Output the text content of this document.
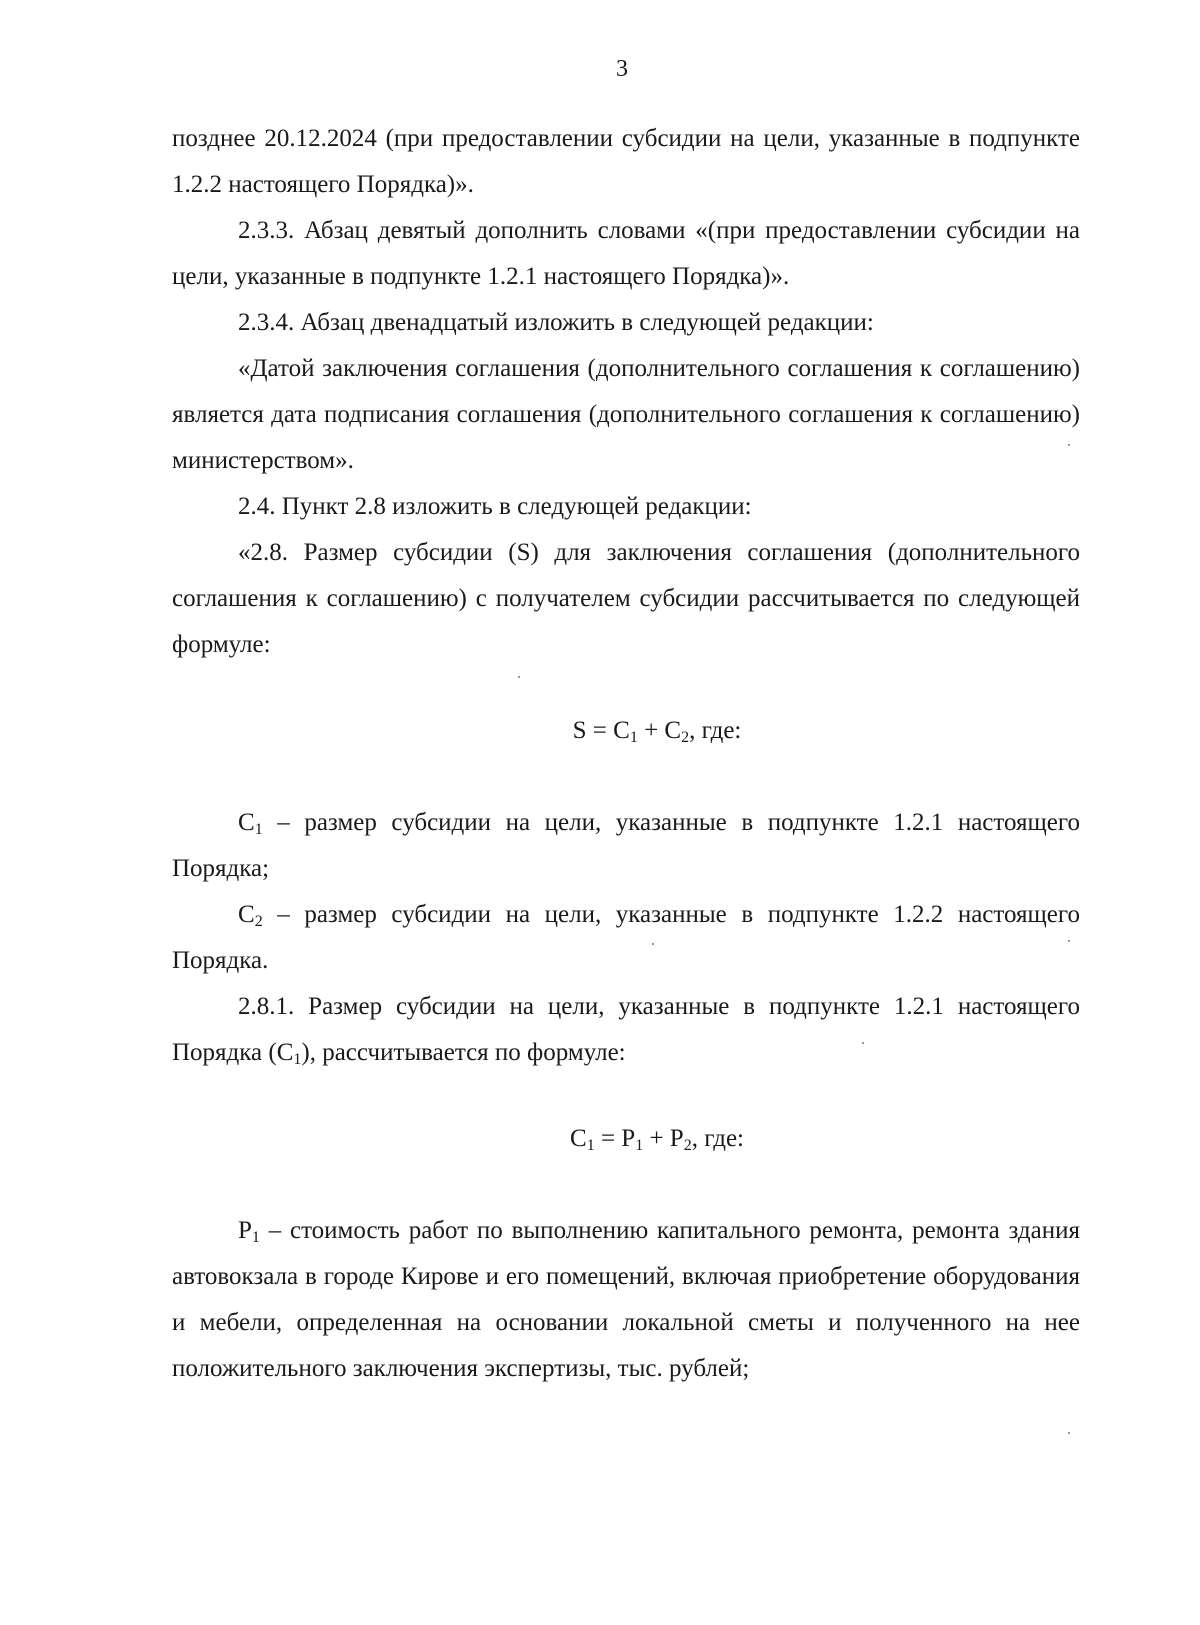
3

позднее 20.12.2024 (при предоставлении субсидии на цели, указанные в подпункте 1.2.2 настоящего Порядка)».

2.3.3. Абзац девятый дополнить словами «(при предоставлении субсидии на цели, указанные в подпункте 1.2.1 настоящего Порядка)».

2.3.4. Абзац двенадцатый изложить в следующей редакции:

«Датой заключения соглашения (дополнительного соглашения к соглашению) является дата подписания соглашения (дополнительного соглашения к соглашению) министерством».

2.4. Пункт 2.8 изложить в следующей редакции:

«2.8. Размер субсидии (S) для заключения соглашения (дополнительного соглашения к соглашению) с получателем субсидии рассчитывается по следующей формуле:

$S = C_1 + C_2$, где:

$C_1$ – размер субсидии на цели, указанные в подпункте 1.2.1 настоящего Порядка;

$C_2$ – размер субсидии на цели, указанные в подпункте 1.2.2 настоящего Порядка.

2.8.1. Размер субсидии на цели, указанные в подпункте 1.2.1 настоящего Порядка $(C_1)$, рассчитывается по формуле:

$C_1 = P_1 + P_2$, где:

$P_1$ – стоимость работ по выполнению капитального ремонта, ремонта здания автовокзала в городе Кирове и его помещений, включая приобретение оборудования и мебели, определенная на основании локальной сметы и полученного на нее положительного заключения экспертизы, тыс. рублей;
